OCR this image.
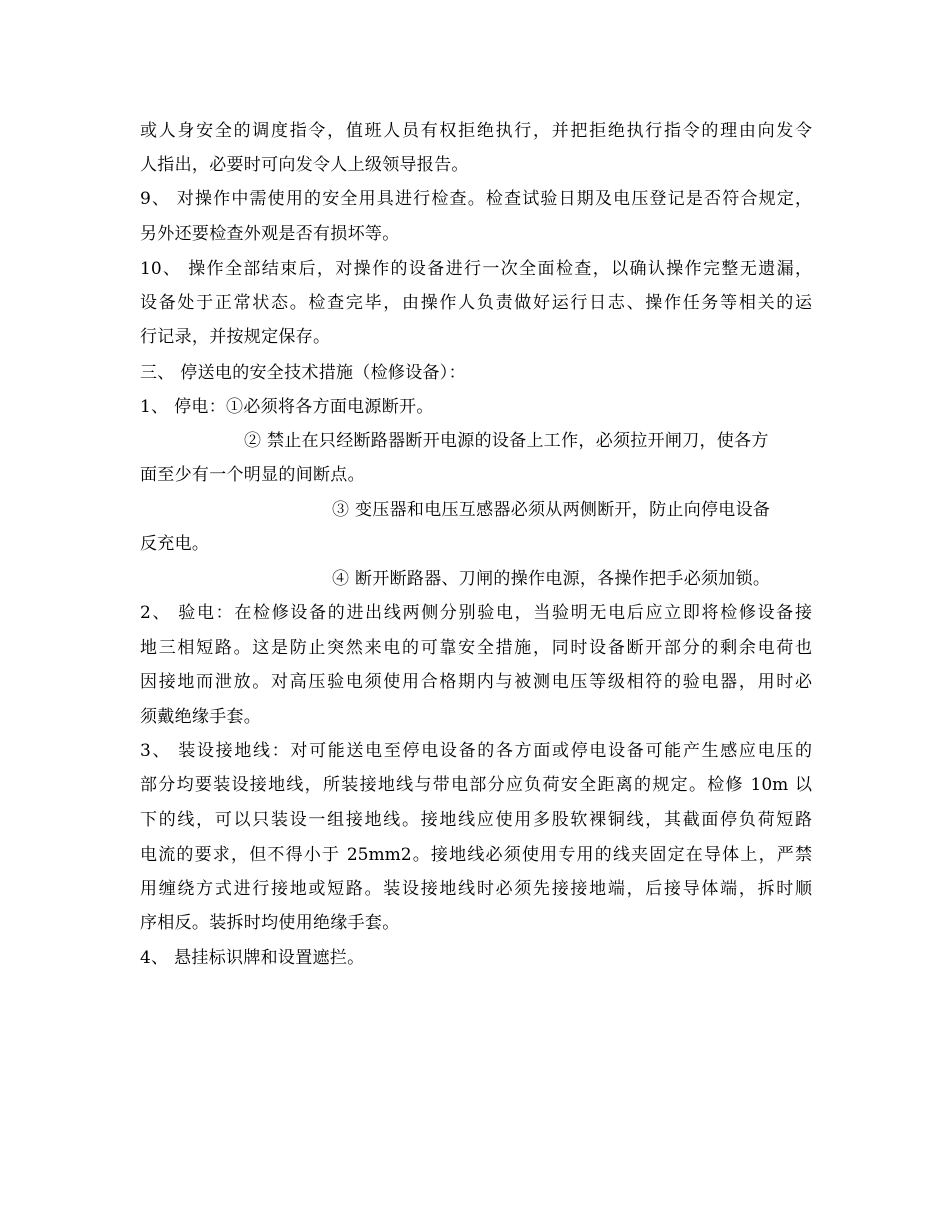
或人身安全的调度指令，值班人员有权拒绝执行，并把拒绝执行指令的理由向发令
人指出，必要时可向发令人上级领导报告。
9、 对操作中需使用的安全用具进行检查。检查试验日期及电压登记是否符合规定，
另外还要检查外观是否有损坏等。
10、 操作全部结束后，对操作的设备进行一次全面检查，以确认操作完整无遗漏，
设备处于正常状态。检查完毕，由操作人负责做好运行日志、操作任务等相关的运
行记录，并按规定保存。
三、 停送电的安全技术措施（检修设备）：
1、 停电：①必须将各方面电源断开。
② 禁止在只经断路器断开电源的设备上工作，必须拉开闸刀，使各方
面至少有一个明显的间断点。
③ 变压器和电压互感器必须从两侧断开，防止向停电设备
反充电。
④ 断开断路器、刀闸的操作电源，各操作把手必须加锁。
2、 验电：在检修设备的进出线两侧分别验电，当验明无电后应立即将检修设备接
地三相短路。这是防止突然来电的可靠安全措施，同时设备断开部分的剩余电荷也
因接地而泄放。对高压验电须使用合格期内与被测电压等级相符的验电器，用时必
须戴绝缘手套。
3、 装设接地线：对可能送电至停电设备的各方面或停电设备可能产生感应电压的
部分均要装设接地线，所装接地线与带电部分应负荷安全距离的规定。检修 10m 以
下的线，可以只装设一组接地线。接地线应使用多股软裸铜线，其截面停负荷短路
电流的要求，但不得小于 25mm2。接地线必须使用专用的线夹固定在导体上，严禁
用缠绕方式进行接地或短路。装设接地线时必须先接接地端，后接导体端，拆时顺
序相反。装拆时均使用绝缘手套。
4、 悬挂标识牌和设置遮拦。
